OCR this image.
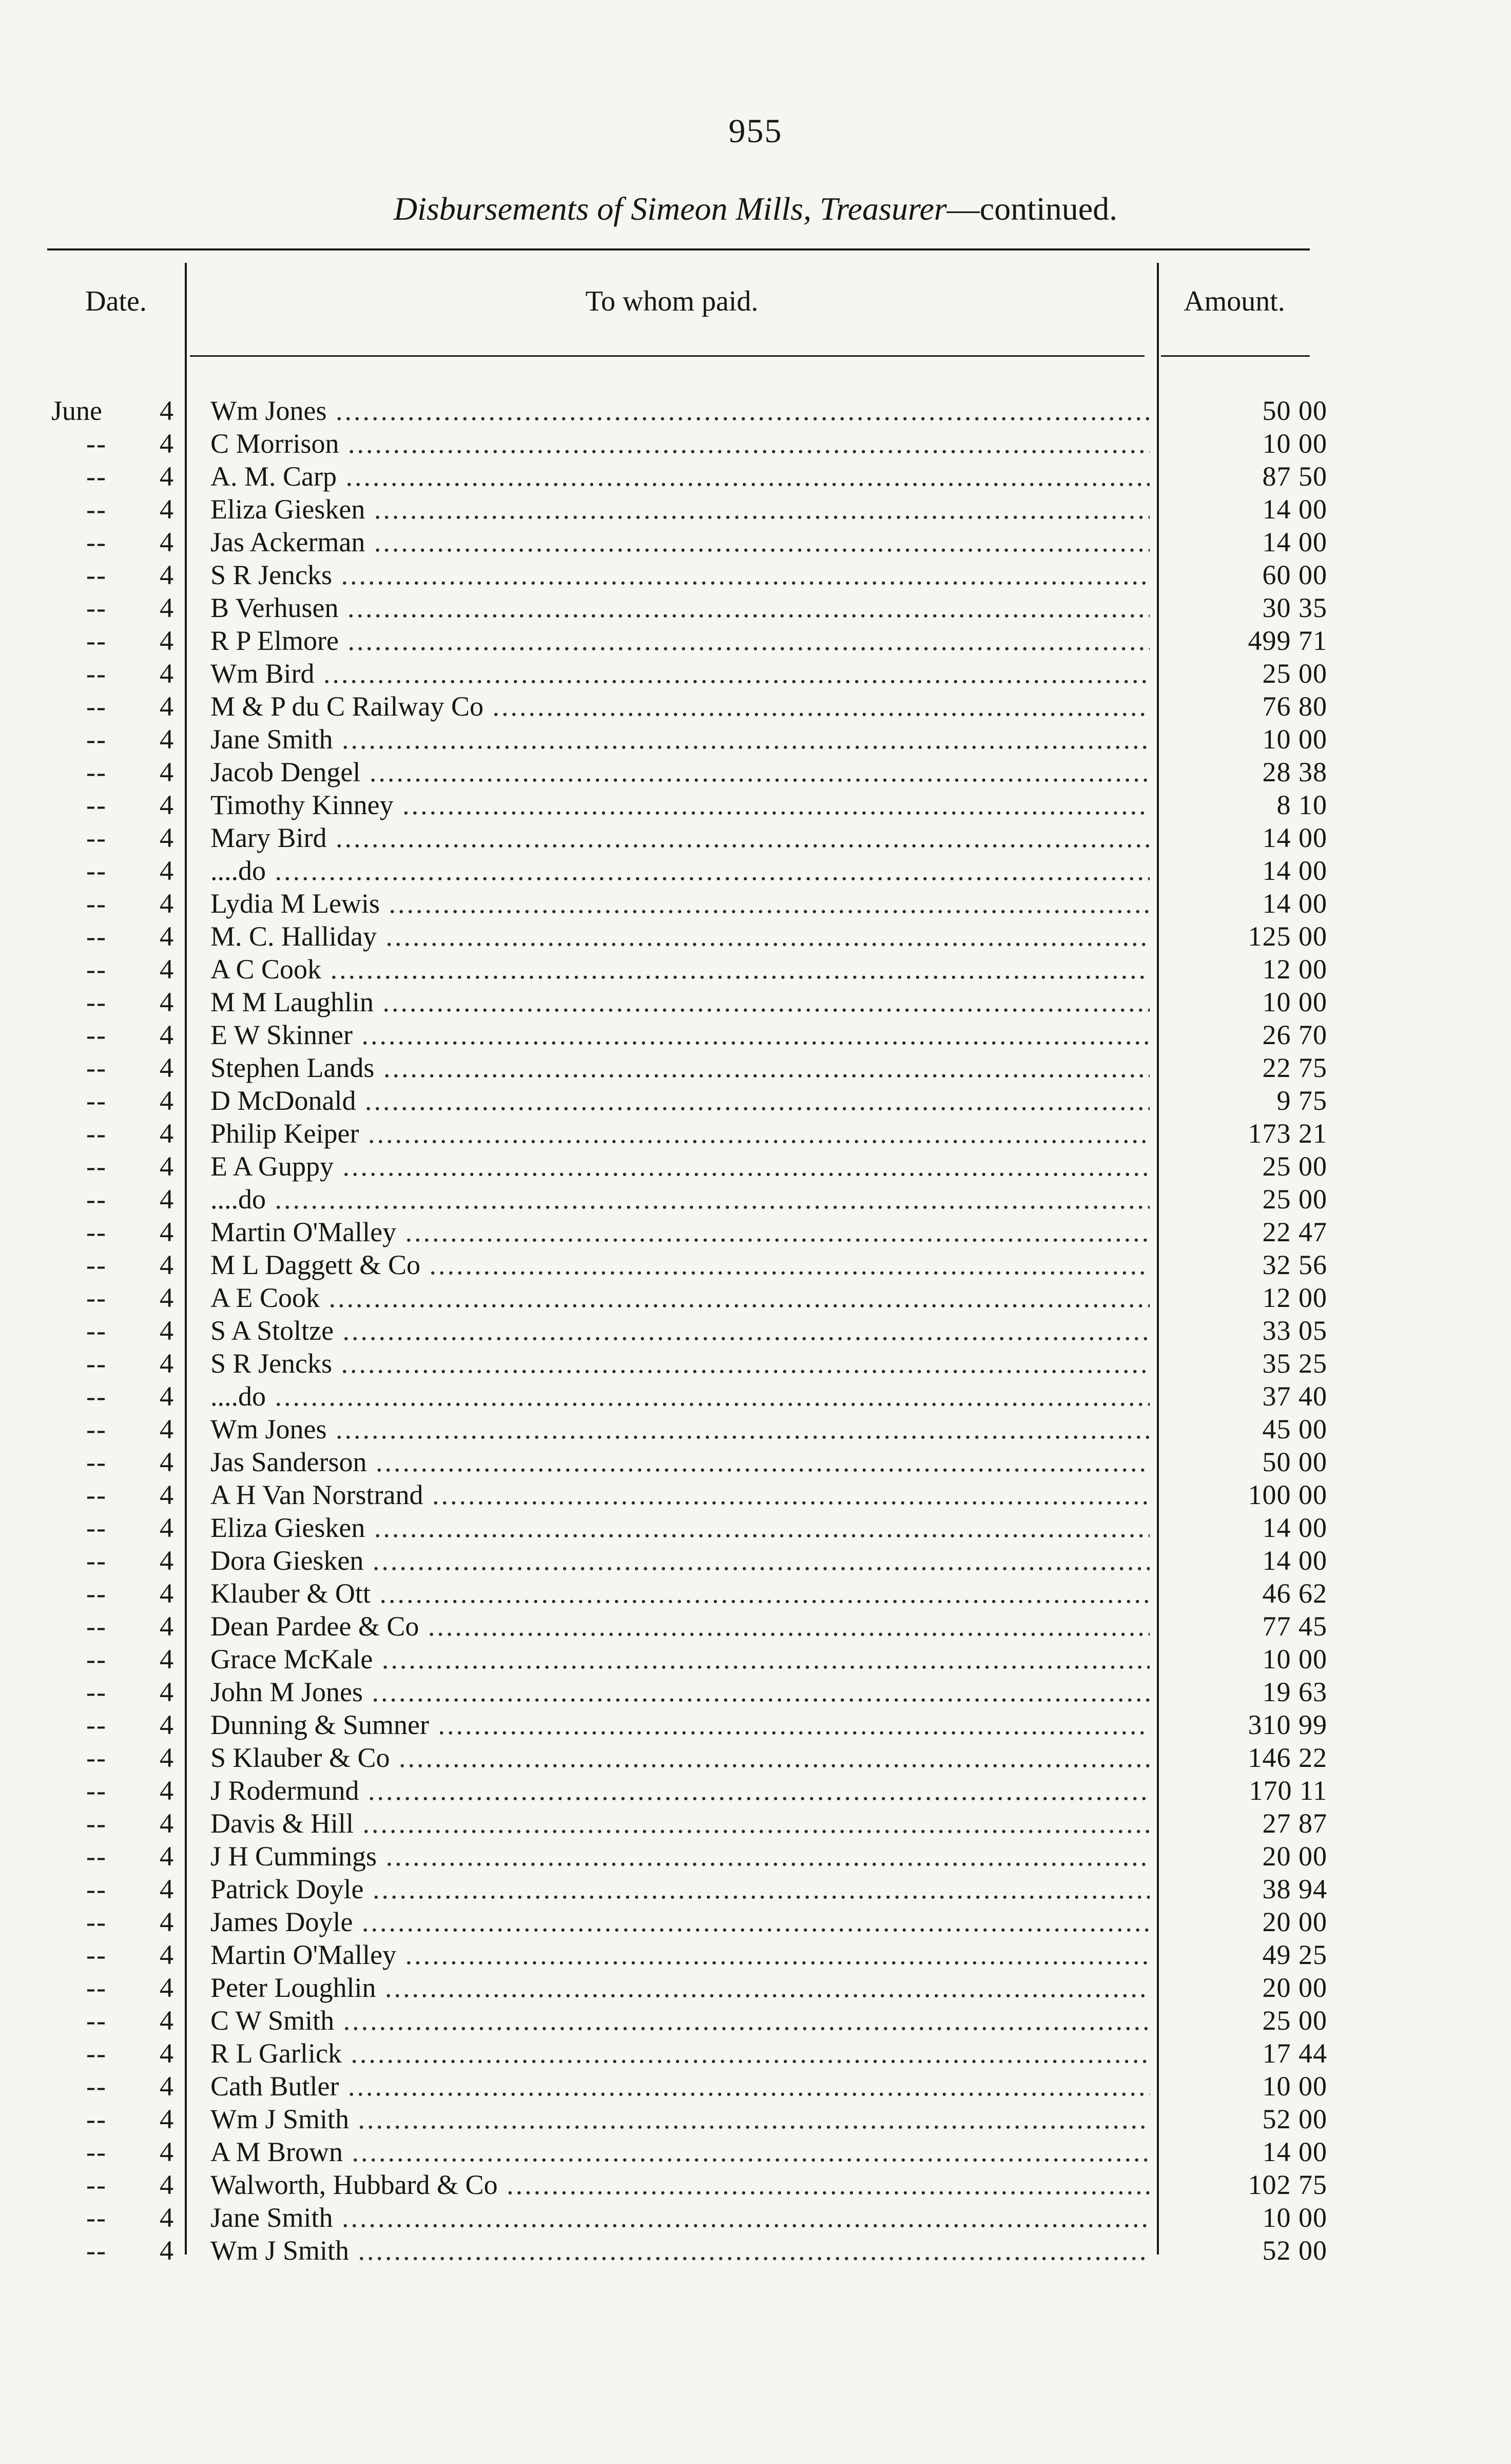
955
Disbursements of Simeon Mills, Treasurer—continued.
Date.	To whom paid.	Amount.
June	4 Wm Jones .....	50 00
--	4 C Morrison .....	10 00
--	4 A. M. Carp .....	87 50
--	4 Eliza Giesken .....	14 00
--	4 Jas Ackerman .....	14 00
--	4 S R Jencks .....	60 00
--	4 B Verhusen .....	30 35
--	4 R P Elmore .....	499 71
--	4 Wm Bird .....	25 00
--	4 M & P du C Railway Co .....	76 80
--	4 Jane Smith .....	10 00
--	4 Jacob Dengel .....	28 38
--	4 Timothy Kinney .....	8 10
--	4 Mary Bird .....	14 00
--	4 ....do .....	14 00
--	4 Lydia M Lewis .....	14 00
--	4 M. C. Halliday .....	125 00
--	4 A C Cook .....	12 00
--	4 M M Laughlin .....	10 00
--	4 E W Skinner .....	26 70
--	4 Stephen Lands .....	22 75
--	4 D McDonald .....	9 75
--	4 Philip Keiper .....	173 21
--	4 E A Guppy .....	25 00
--	4 ....do .....	25 00
--	4 Martin O'Malley .....	22 47
--	4 M L Daggett & Co .....	32 56
--	4 A E Cook .....	12 00
--	4 S A Stoltze .....	33 05
--	4 S R Jencks .....	35 25
--	4 ....do .....	37 40
--	4 Wm Jones .....	45 00
--	4 Jas Sanderson .....	50 00
--	4 A H Van Norstrand .....	100 00
--	4 Eliza Giesken .....	14 00
--	4 Dora Giesken .....	14 00
--	4 Klauber & Ott .....	46 62
--	4 Dean Pardee & Co .....	77 45
--	4 Grace McKale .....	10 00
--	4 John M Jones .....	19 63
--	4 Dunning & Sumner .....	310 99
--	4 S Klauber & Co .....	146 22
--	4 J Rodermund .....	170 11
--	4 Davis & Hill .....	27 87
--	4 J H Cummings .....	20 00
--	4 Patrick Doyle .....	38 94
--	4 James Doyle .....	20 00
--	4 Martin O'Malley .....	49 25
--	4 Peter Loughlin .....	20 00
--	4 C W Smith .....	25 00
--	4 R L Garlick .....	17 44
--	4 Cath Butler .....	10 00
--	4 Wm J Smith .....	52 00
--	4 A M Brown .....	14 00
--	4 Walworth, Hubbard & Co .....	102 75
--	4 Jane Smith .....	10 00
--	4 Wm J Smith .....	52 00
